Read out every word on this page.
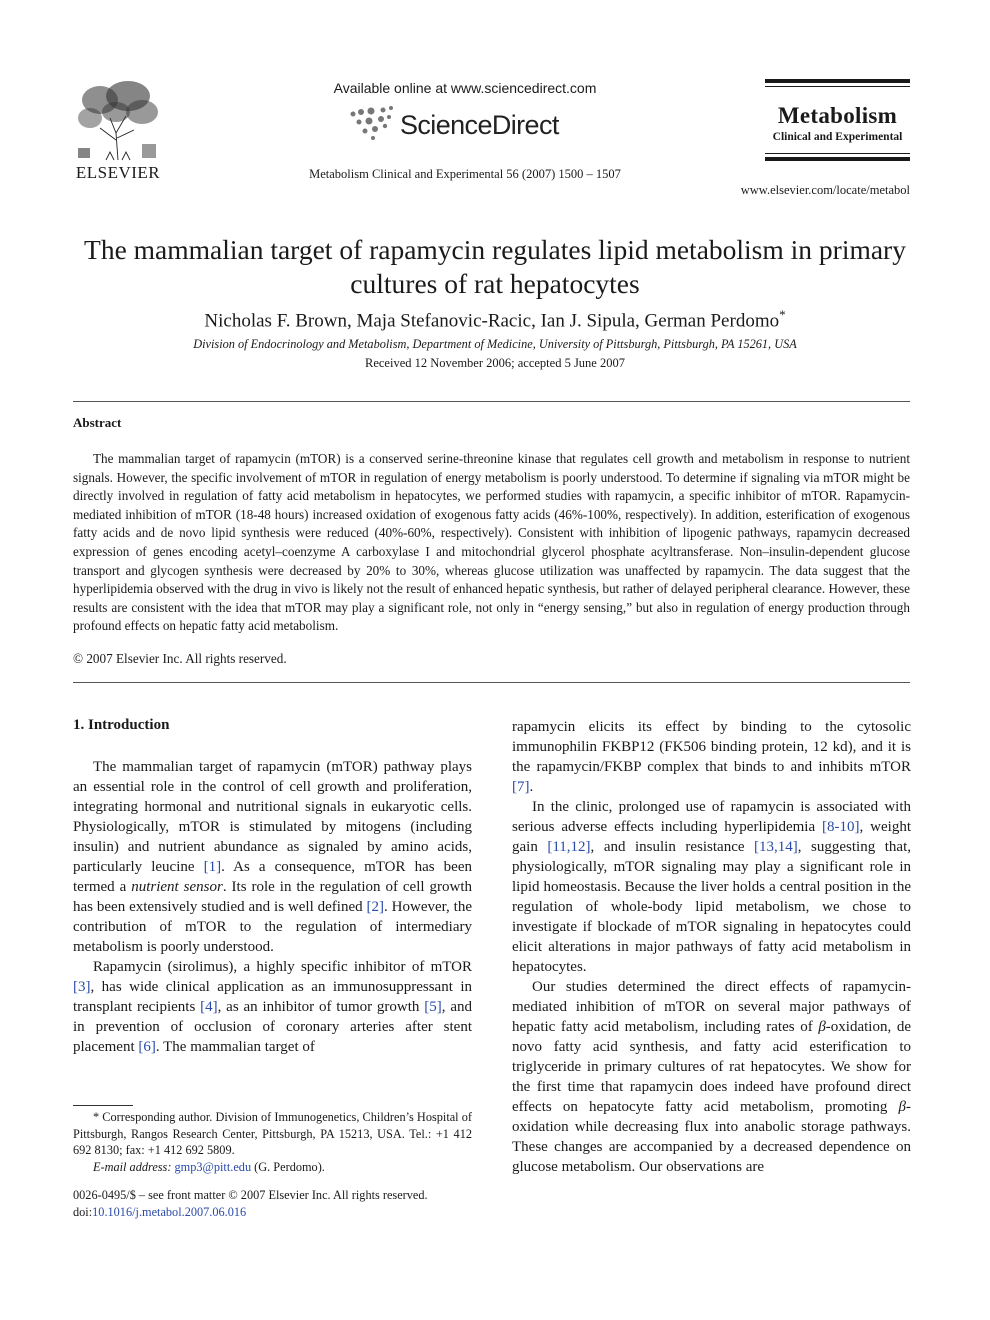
ELSEVIER
Available online at www.sciencedirect.com
ScienceDirect
Metabolism Clinical and Experimental 56 (2007) 1500 – 1507
Metabolism
Clinical and Experimental
www.elsevier.com/locate/metabol
The mammalian target of rapamycin regulates lipid metabolism in primary cultures of rat hepatocytes
Nicholas F. Brown, Maja Stefanovic-Racic, Ian J. Sipula, German Perdomo*
Division of Endocrinology and Metabolism, Department of Medicine, University of Pittsburgh, Pittsburgh, PA 15261, USA
Received 12 November 2006; accepted 5 June 2007
Abstract
The mammalian target of rapamycin (mTOR) is a conserved serine-threonine kinase that regulates cell growth and metabolism in response to nutrient signals. However, the specific involvement of mTOR in regulation of energy metabolism is poorly understood. To determine if signaling via mTOR might be directly involved in regulation of fatty acid metabolism in hepatocytes, we performed studies with rapamycin, a specific inhibitor of mTOR. Rapamycin-mediated inhibition of mTOR (18-48 hours) increased oxidation of exogenous fatty acids (46%-100%, respectively). In addition, esterification of exogenous fatty acids and de novo lipid synthesis were reduced (40%-60%, respectively). Consistent with inhibition of lipogenic pathways, rapamycin decreased expression of genes encoding acetyl–coenzyme A carboxylase I and mitochondrial glycerol phosphate acyltransferase. Non–insulin-dependent glucose transport and glycogen synthesis were decreased by 20% to 30%, whereas glucose utilization was unaffected by rapamycin. The data suggest that the hyperlipidemia observed with the drug in vivo is likely not the result of enhanced hepatic synthesis, but rather of delayed peripheral clearance. However, these results are consistent with the idea that mTOR may play a significant role, not only in “energy sensing,” but also in regulation of energy production through profound effects on hepatic fatty acid metabolism.
© 2007 Elsevier Inc. All rights reserved.
1. Introduction

The mammalian target of rapamycin (mTOR) pathway plays an essential role in the control of cell growth and proliferation, integrating hormonal and nutritional signals in eukaryotic cells. Physiologically, mTOR is stimulated by mitogens (including insulin) and nutrient abundance as signaled by amino acids, particularly leucine [1]. As a consequence, mTOR has been termed a nutrient sensor. Its role in the regulation of cell growth has been extensively studied and is well defined [2]. However, the contribution of mTOR to the regulation of intermediary metabolism is poorly understood.

Rapamycin (sirolimus), a highly specific inhibitor of mTOR [3], has wide clinical application as an immunosuppressant in transplant recipients [4], as an inhibitor of tumor growth [5], and in prevention of occlusion of coronary arteries after stent placement [6]. The mammalian target of

* Corresponding author. Division of Immunogenetics, Children’s Hospital of Pittsburgh, Rangos Research Center, Pittsburgh, PA 15213, USA. Tel.: +1 412 692 8130; fax: +1 412 692 5809.
E-mail address: gmp3@pitt.edu (G. Perdomo).
0026-0495/$ – see front matter © 2007 Elsevier Inc. All rights reserved.
doi:10.1016/j.metabol.2007.06.016

rapamycin elicits its effect by binding to the cytosolic immunophilin FKBP12 (FK506 binding protein, 12 kd), and it is the rapamycin/FKBP complex that binds to and inhibits mTOR [7].

In the clinic, prolonged use of rapamycin is associated with serious adverse effects including hyperlipidemia [8-10], weight gain [11,12], and insulin resistance [13,14], suggesting that, physiologically, mTOR signaling may play a significant role in lipid homeostasis. Because the liver holds a central position in the regulation of whole-body lipid metabolism, we chose to investigate if blockade of mTOR signaling in hepatocytes could elicit alterations in major pathways of fatty acid metabolism in hepatocytes.

Our studies determined the direct effects of rapamycin-mediated inhibition of mTOR on several major pathways of hepatic fatty acid metabolism, including rates of β-oxidation, de novo fatty acid synthesis, and fatty acid esterification to triglyceride in primary cultures of rat hepatocytes. We show for the first time that rapamycin does indeed have profound direct effects on hepatocyte fatty acid metabolism, promoting β-oxidation while decreasing flux into anabolic storage pathways. These changes are accompanied by a decreased dependence on glucose metabolism. Our observations are
